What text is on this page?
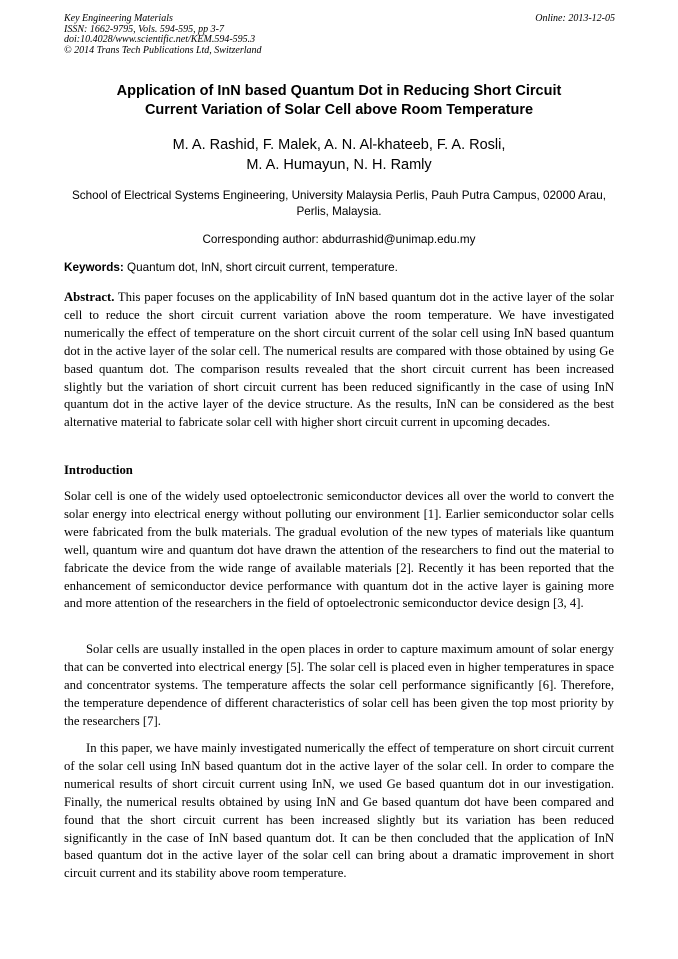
Key Engineering Materials
ISSN: 1662-9795, Vols. 594-595, pp 3-7
doi:10.4028/www.scientific.net/KEM.594-595.3
© 2014 Trans Tech Publications Ltd, Switzerland
Online: 2013-12-05
Application of InN based Quantum Dot in Reducing Short Circuit
Current Variation of Solar Cell above Room Temperature
M. A. Rashid, F. Malek, A. N. Al-khateeb, F. A. Rosli,
M. A. Humayun, N. H. Ramly
School of Electrical Systems Engineering, University Malaysia Perlis, Pauh Putra Campus, 02000 Arau, Perlis, Malaysia.
Corresponding author: abdurrashid@unimap.edu.my
Keywords: Quantum dot, InN, short circuit current, temperature.
Abstract. This paper focuses on the applicability of InN based quantum dot in the active layer of the solar cell to reduce the short circuit current variation above the room temperature. We have investigated numerically the effect of temperature on the short circuit current of the solar cell using InN based quantum dot in the active layer of the solar cell. The numerical results are compared with those obtained by using Ge based quantum dot. The comparison results revealed that the short circuit current has been increased slightly but the variation of short circuit current has been reduced significantly in the case of using InN quantum dot in the active layer of the device structure. As the results, InN can be considered as the best alternative material to fabricate solar cell with higher short circuit current in upcoming decades.
Introduction
Solar cell is one of the widely used optoelectronic semiconductor devices all over the world to convert the solar energy into electrical energy without polluting our environment [1]. Earlier semiconductor solar cells were fabricated from the bulk materials. The gradual evolution of the new types of materials like quantum well, quantum wire and quantum dot have drawn the attention of the researchers to find out the material to fabricate the device from the wide range of available materials [2]. Recently it has been reported that the enhancement of semiconductor device performance with quantum dot in the active layer is gaining more and more attention of the researchers in the field of optoelectronic semiconductor device design [3, 4].
Solar cells are usually installed in the open places in order to capture maximum amount of solar energy that can be converted into electrical energy [5]. The solar cell is placed even in higher temperatures in space and concentrator systems. The temperature affects the solar cell performance significantly [6]. Therefore, the temperature dependence of different characteristics of solar cell has been given the top most priority by the researchers [7].
In this paper, we have mainly investigated numerically the effect of temperature on short circuit current of the solar cell using InN based quantum dot in the active layer of the solar cell. In order to compare the numerical results of short circuit current using InN, we used Ge based quantum dot in our investigation. Finally, the numerical results obtained by using InN and Ge based quantum dot have been compared and found that the short circuit current has been increased slightly but its variation has been reduced significantly in the case of InN based quantum dot. It can be then concluded that the application of InN based quantum dot in the active layer of the solar cell can bring about a dramatic improvement in short circuit current and its stability above room temperature.
